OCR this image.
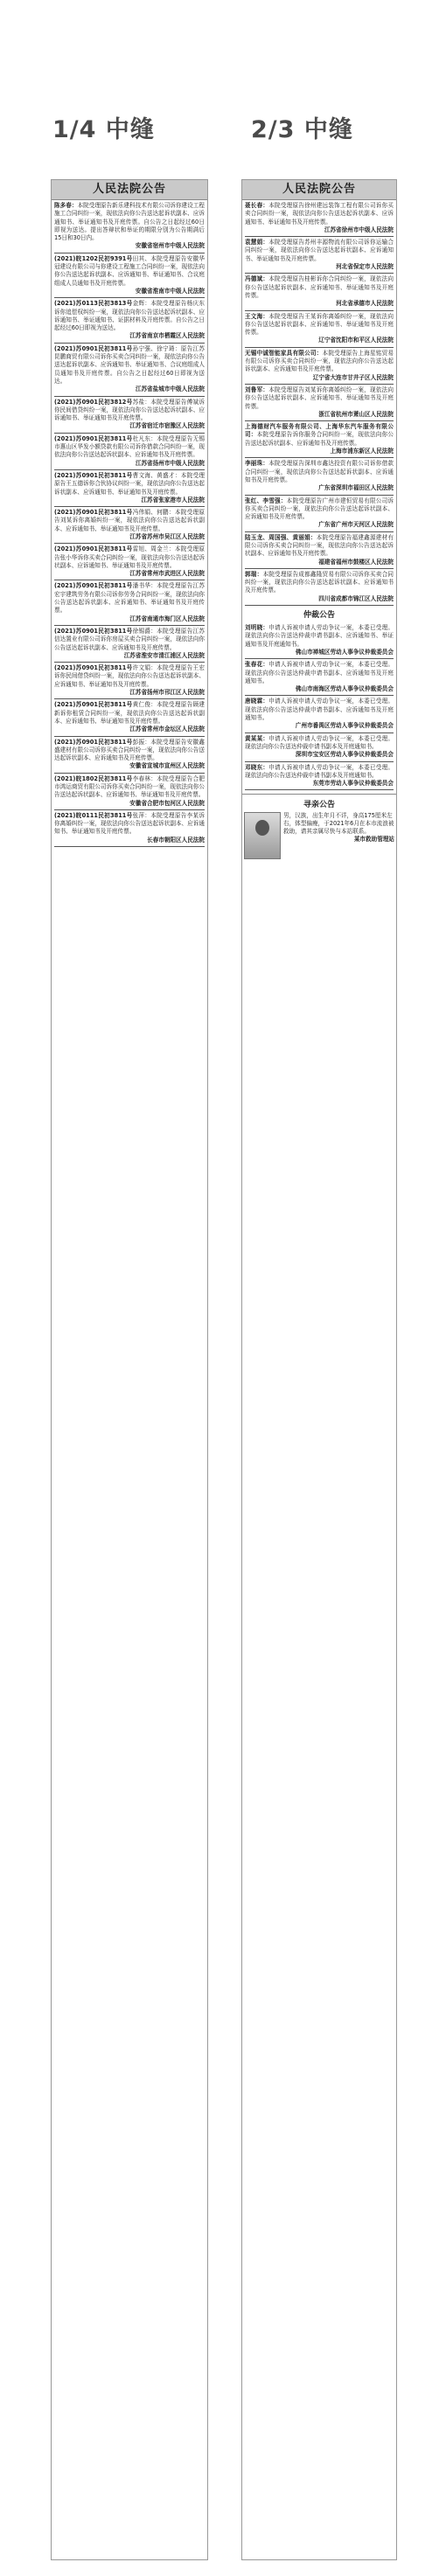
1/4 中缝	2/3 中缝
人民法院公告
陈多春：本院受理原告新乐建科技术有限公司诉你建设工程施工合同纠纷一案，现依法向你公告送达起诉状副本、应诉通知书、举证通知书及开庭传票。自公告之日起经过60日即视为送达。提出答辩状和举证的期限分别为公告期满后15日和30日内。
安徽省宿州市中级人民法院
(2021)皖1202民初9391号田其、本院受理原告安徽华冠建设有限公司与你建设工程施工合同纠纷一案，现依法向你公告送达起诉状副本、应诉通知书、举证通知书、合议庭组成人员通知书及开庭传票。
安徽省淮南市中级人民法院
(2021)苏0113民初3813号金辉：本院受理原告杨庆东诉你追偿权纠纷一案，现依法向你公告送达起诉状副本、应诉通知书、举证通知书、证据材料及开庭传票。自公告之日起经过60日即视为送达。
江苏省南京市栖霞区人民法院
(2021)苏0901民初3811号孙宁强、徐宁琦：原告江苏昆鹏商贸有限公司诉你买卖合同纠纷一案，现依法向你公告送达起诉状副本、应诉通知书、举证通知书、合议庭组成人员通知书及开庭传票。自公告之日起经过60日即视为送达。
江苏省盐城市中级人民法院
(2021)苏0901民初3812号苏盐：本院受理原告傅斌诉你民间借贷纠纷一案，现依法向你公告送达起诉状副本、应诉通知书、举证通知书及开庭传票。
江苏省宿迁市宿豫区人民法院
(2021)苏0901民初3811号杜凡东：本院受理原告无锡市惠山区华发小额贷款有限公司诉你借款合同纠纷一案，现依法向你公告送达起诉状副本、应诉通知书及开庭传票。
江苏省扬州市中级人民法院
(2021)苏0901民初3811号曹文海、黄盛才：本院受理原告王五德诉你合伙协议纠纷一案，现依法向你公告送达起诉状副本、应诉通知书、举证通知书及开庭传票。
江苏省张家港市人民法院
(2021)苏0901民初3811号冯伟娟、何鹏：本院受理原告刘某诉你离婚纠纷一案，现依法向你公告送达起诉状副本、应诉通知书、举证通知书及开庭传票。
江苏省苏州市吴江区人民法院
(2021)苏0901民初3811号雷旭、周金兰：本院受理原告张小华诉你买卖合同纠纷一案，现依法向你公告送达起诉状副本、应诉通知书、举证通知书及开庭传票。
江苏省常州市武进区人民法院
(2021)苏0901民初3811号潘书华：本院受理原告江苏宏宇建筑劳务有限公司诉你劳务合同纠纷一案，现依法向你公告送达起诉状副本、应诉通知书、举证通知书及开庭传票。
江苏省南通市海门区人民法院
(2021)苏0901民初3811号徐锡爵：本院受理原告江苏信达置业有限公司诉你房屋买卖合同纠纷一案，现依法向你公告送达起诉状副本、应诉通知书及开庭传票。
江苏省淮安市清江浦区人民法院
(2021)苏0901民初3811号许文娟：本院受理原告王宏诉你民间借贷纠纷一案，现依法向你公告送达起诉状副本、应诉通知书、举证通知书及开庭传票。
江苏省扬州市邗江区人民法院
(2021)苏0901民初3811号黄仁俊：本院受理原告顾建新诉你租赁合同纠纷一案，现依法向你公告送达起诉状副本、应诉通知书、举证通知书及开庭传票。
江苏省常州市金坛区人民法院
(2021)苏0901民初3811号彭振：本院受理原告安徽鑫盛建材有限公司诉你买卖合同纠纷一案，现依法向你公告送达起诉状副本、应诉通知书及开庭传票。
安徽省宣城市宣州区人民法院
(2021)皖1802民初3811号李春林：本院受理原告合肥市鸿运商贸有限公司诉你买卖合同纠纷一案，现依法向你公告送达起诉状副本、应诉通知书、举证通知书及开庭传票。
安徽省合肥市包河区人民法院
(2021)皖0111民初3811号张萍：本院受理原告李某诉你离婚纠纷一案，现依法向你公告送达起诉状副本、应诉通知书、举证通知书及开庭传票。
长春市朝阳区人民法院
人民法院公告
聂长春：本院受理原告徐州建远装饰工程有限公司诉你买卖合同纠纷一案，现依法向你公告送达起诉状副本、应诉通知书、举证通知书及开庭传票。
江苏省徐州市中级人民法院
袁慧娟：本院受理原告苏州丰源物流有限公司诉你运输合同纠纷一案，现依法向你公告送达起诉状副本、应诉通知书、举证通知书及开庭传票。
河北省保定市人民法院
冯德斌：本院受理原告桂彬诉你合同纠纷一案，现依法向你公告送达起诉状副本、应诉通知书、举证通知书及开庭传票。
河北省承德市人民法院
王文海：本院受理原告王某诉你离婚纠纷一案，现依法向你公告送达起诉状副本、应诉通知书、举证通知书及开庭传票。
辽宁省沈阳市和平区人民法院
无锡中诚智能家具有限公司：本院受理原告上海星铭贸易有限公司诉你买卖合同纠纷一案，现依法向你公告送达起诉状副本、应诉通知书及开庭传票。
辽宁省大连市甘井子区人民法院
刘鲁军：本院受理原告刘某诉你离婚纠纷一案，现依法向你公告送达起诉状副本、应诉通知书、举证通知书及开庭传票。
浙江省杭州市萧山区人民法院
上海德财汽车服务有限公司、上海华东汽车服务有限公司：本院受理原告诉你服务合同纠纷一案，现依法向你公告送达起诉状副本、应诉通知书及开庭传票。
上海市浦东新区人民法院
李丽珠：本院受理原告深圳市鑫达投资有限公司诉你借款合同纠纷一案，现依法向你公告送达起诉状副本、应诉通知书及开庭传票。
广东省深圳市福田区人民法院
张红、李雪强：本院受理原告广州市建恒贸易有限公司诉你买卖合同纠纷一案，现依法向你公告送达起诉状副本、应诉通知书及开庭传票。
广东省广州市天河区人民法院
陆玉龙、周国强、黄丽娟：本院受理原告福建鑫源建材有限公司诉你买卖合同纠纷一案，现依法向你公告送达起诉状副本、应诉通知书及开庭传票。
福建省福州市鼓楼区人民法院
郭瑞：本院受理原告成都鑫隆贸易有限公司诉你买卖合同纠纷一案，现依法向你公告送达起诉状副本、应诉通知书及开庭传票。
四川省成都市锦江区人民法院
仲裁公告
刘明晓：申请人诉被申请人劳动争议一案，本委已受理。现依法向你公告送达仲裁申请书副本、应诉通知书、举证通知书及开庭通知书。
佛山市禅城区劳动人事争议仲裁委员会
张春花：申请人诉被申请人劳动争议一案，本委已受理。现依法向你公告送达仲裁申请书副本、应诉通知书及开庭通知书。
佛山市南海区劳动人事争议仲裁委员会
唐晓霖：申请人诉被申请人劳动争议一案，本委已受理。现依法向你公告送达仲裁申请书副本、应诉通知书及开庭通知书。
广州市番禺区劳动人事争议仲裁委员会
黄某某：申请人诉被申请人劳动争议一案，本委已受理。现依法向你公告送达仲裁申请书副本及开庭通知书。
深圳市宝安区劳动人事争议仲裁委员会
邓晓东：申请人诉被申请人劳动争议一案，本委已受理。现依法向你公告送达仲裁申请书副本及开庭通知书。
东莞市劳动人事争议仲裁委员会
寻亲公告
男，汉族，出生年月不详，身高175厘米左右，体型偏瘦，于2021年6月在本市流浪被救助，请其亲属尽快与本站联系。
某市救助管理站
